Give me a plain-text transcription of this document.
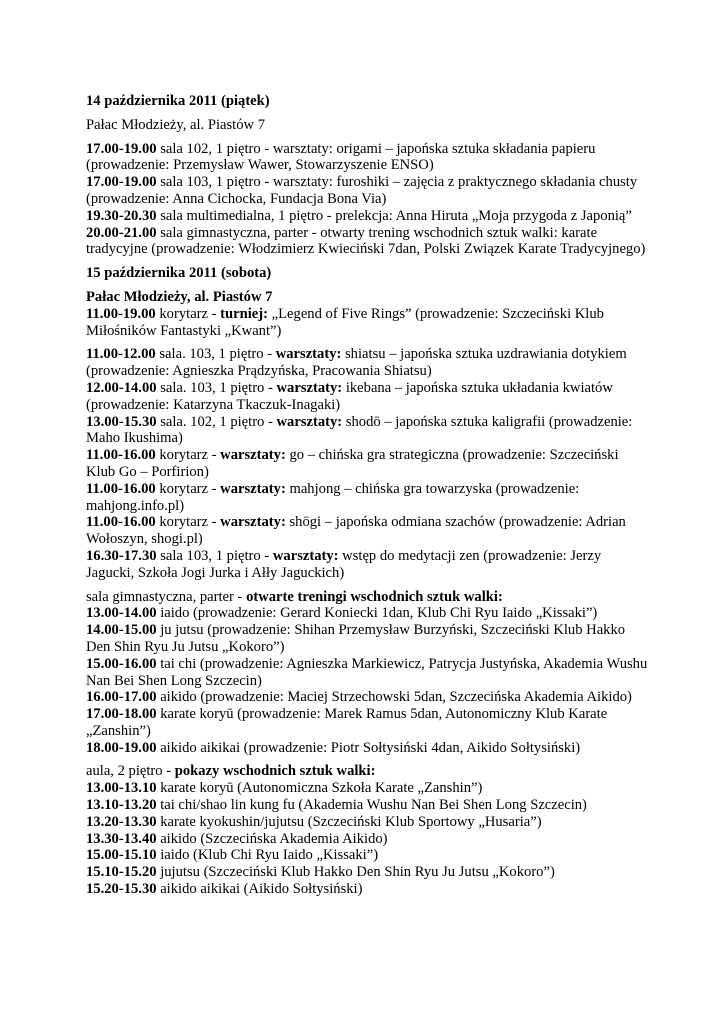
14 października 2011 (piątek)

Pałac Młodzieży, al. Piastów 7

17.00-19.00 sala 102, 1 piętro - warsztaty: origami – japońska sztuka składania papieru (prowadzenie: Przemysław Wawer, Stowarzyszenie ENSO)

17.00-19.00 sala 103, 1 piętro - warsztaty: furoshiki – zajęcia z praktycznego składania chusty (prowadzenie: Anna Cichocka, Fundacja Bona Via)

19.30-20.30 sala multimedialna, 1 piętro - prelekcja: Anna Hiruta „Moja przygoda z Japonią”

20.00-21.00 sala gimnastyczna, parter - otwarty trening wschodnich sztuk walki: karate tradycyjne (prowadzenie: Włodzimierz Kwieciński 7dan, Polski Związek Karate Tradycyjnego)

15 października 2011 (sobota)

Pałac Młodzieży, al. Piastów 7

11.00-19.00 korytarz - turniej: „Legend of Five Rings” (prowadzenie: Szczeciński Klub Miłośników Fantastyki „Kwant”)

11.00-12.00 sala. 103, 1 piętro - warsztaty: shiatsu – japońska sztuka uzdrawiania dotykiem (prowadzenie: Agnieszka Prądzyńska, Pracowania Shiatsu)

12.00-14.00 sala. 103, 1 piętro - warsztaty: ikebana – japońska sztuka układania kwiatów (prowadzenie: Katarzyna Tkaczuk-Inagaki)

13.00-15.30 sala. 102, 1 piętro - warsztaty: shodō – japońska sztuka kaligrafii (prowadzenie: Maho Ikushima)

11.00-16.00 korytarz - warsztaty: go – chińska gra strategiczna (prowadzenie: Szczeciński Klub Go – Porfirion)

11.00-16.00 korytarz - warsztaty: mahjong – chińska gra towarzyska (prowadzenie: mahjong.info.pl)

11.00-16.00 korytarz - warsztaty: shōgi – japońska odmiana szachów (prowadzenie: Adrian Wołoszyn, shogi.pl)

16.30-17.30 sala 103, 1 piętro - warsztaty: wstęp do medytacji zen (prowadzenie: Jerzy Jagucki, Szkoła Jogi Jurka i Ałły Jaguckich)

sala gimnastyczna, parter - otwarte treningi wschodnich sztuk walki:

13.00-14.00 iaido (prowadzenie: Gerard Koniecki 1dan, Klub Chi Ryu Iaido „Kissaki”)

14.00-15.00 ju jutsu (prowadzenie: Shihan Przemysław Burzyński, Szczeciński Klub Hakko Den Shin Ryu Ju Jutsu „Kokoro”)

15.00-16.00 tai chi (prowadzenie: Agnieszka Markiewicz, Patrycja Justyńska, Akademia Wushu Nan Bei Shen Long Szczecin)

16.00-17.00 aikido (prowadzenie: Maciej Strzechowski 5dan, Szczecińska Akademia Aikido)

17.00-18.00 karate koryū (prowadzenie: Marek Ramus 5dan, Autonomiczny Klub Karate „Zanshin”)

18.00-19.00 aikido aikikai (prowadzenie: Piotr Sołtysiński 4dan, Aikido Sołtysiński)

aula, 2 piętro - pokazy wschodnich sztuk walki:

13.00-13.10 karate koryū (Autonomiczna Szkoła Karate „Zanshin”)

13.10-13.20 tai chi/shao lin kung fu (Akademia Wushu Nan Bei Shen Long Szczecin)

13.20-13.30 karate kyokushin/jujutsu (Szczeciński Klub Sportowy „Husaria”)

13.30-13.40 aikido (Szczecińska Akademia Aikido)

15.00-15.10 iaido (Klub Chi Ryu Iaido „Kissaki”)

15.10-15.20 jujutsu (Szczeciński Klub Hakko Den Shin Ryu Ju Jutsu „Kokoro”)

15.20-15.30 aikido aikikai (Aikido Sołtysiński)
